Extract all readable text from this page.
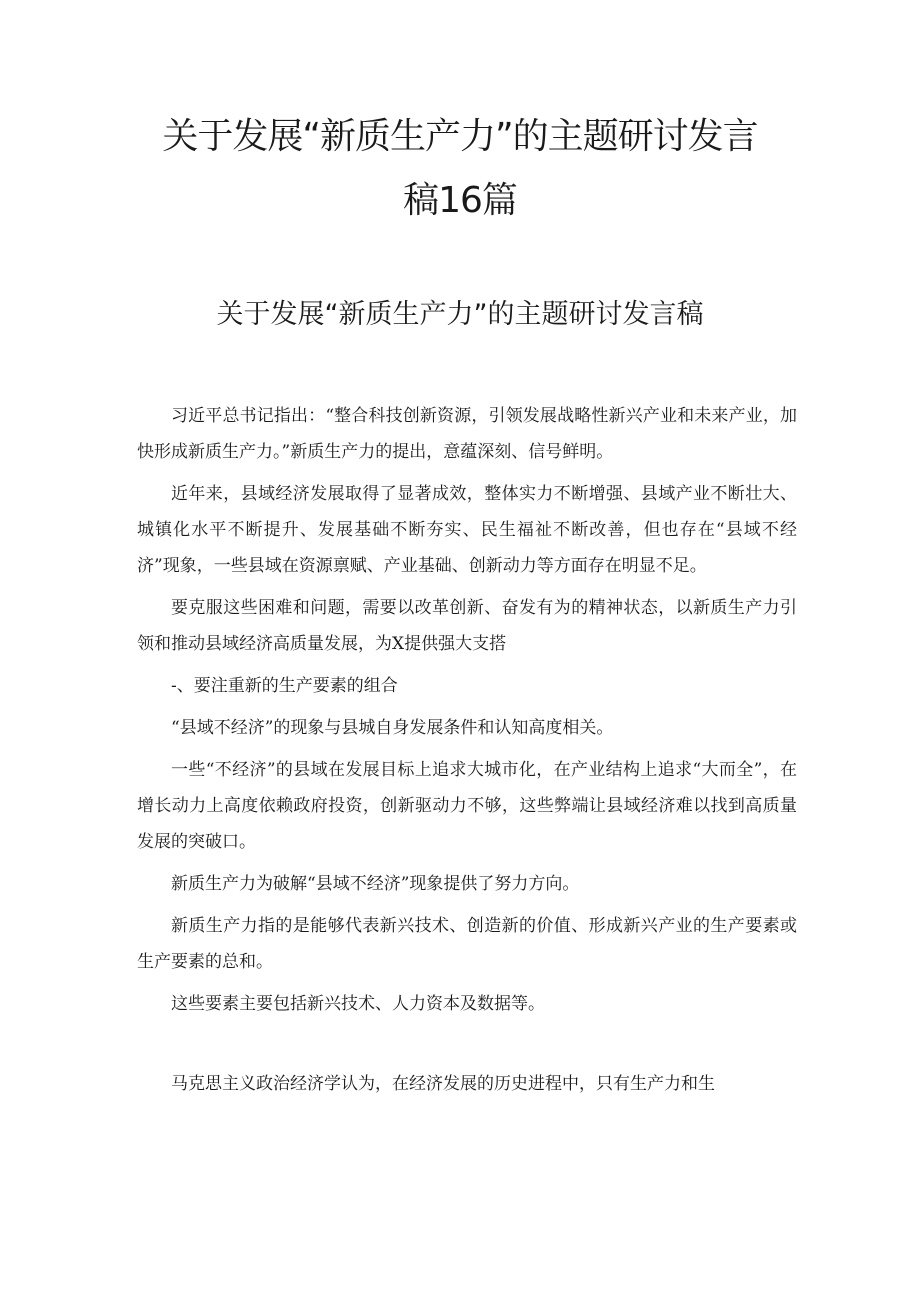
关于发展“新质生产力”的主题研讨发言
稿16篇
关于发展“新质生产力”的主题研讨发言稿

习近平总书记指出：“整合科技创新资源，引领发展战略性新兴产业和未来产业，加快形成新质生产力。”新质生产力的提出，意蕴深刻、信号鲜明。

近年来，县域经济发展取得了显著成效，整体实力不断增强、县域产业不断壮大、城镇化水平不断提升、发展基础不断夯实、民生福祉不断改善，但也存在“县域不经济”现象，一些县域在资源禀赋、产业基础、创新动力等方面存在明显不足。

要克服这些困难和问题，需要以改革创新、奋发有为的精神状态，以新质生产力引领和推动县域经济高质量发展，为X提供强大支搭

-、要注重新的生产要素的组合

“县域不经济”的现象与县城自身发展条件和认知高度相关。

一些“不经济”的县域在发展目标上追求大城市化，在产业结构上追求“大而全”，在增长动力上高度依赖政府投资，创新驱动力不够，这些弊端让县域经济难以找到高质量发展的突破口。

新质生产力为破解“县域不经济”现象提供了努力方向。

新质生产力指的是能够代表新兴技术、创造新的价值、形成新兴产业的生产要素或生产要素的总和。

这些要素主要包括新兴技术、人力资本及数据等。

马克思主义政治经济学认为，在经济发展的历史进程中，只有生产力和生
